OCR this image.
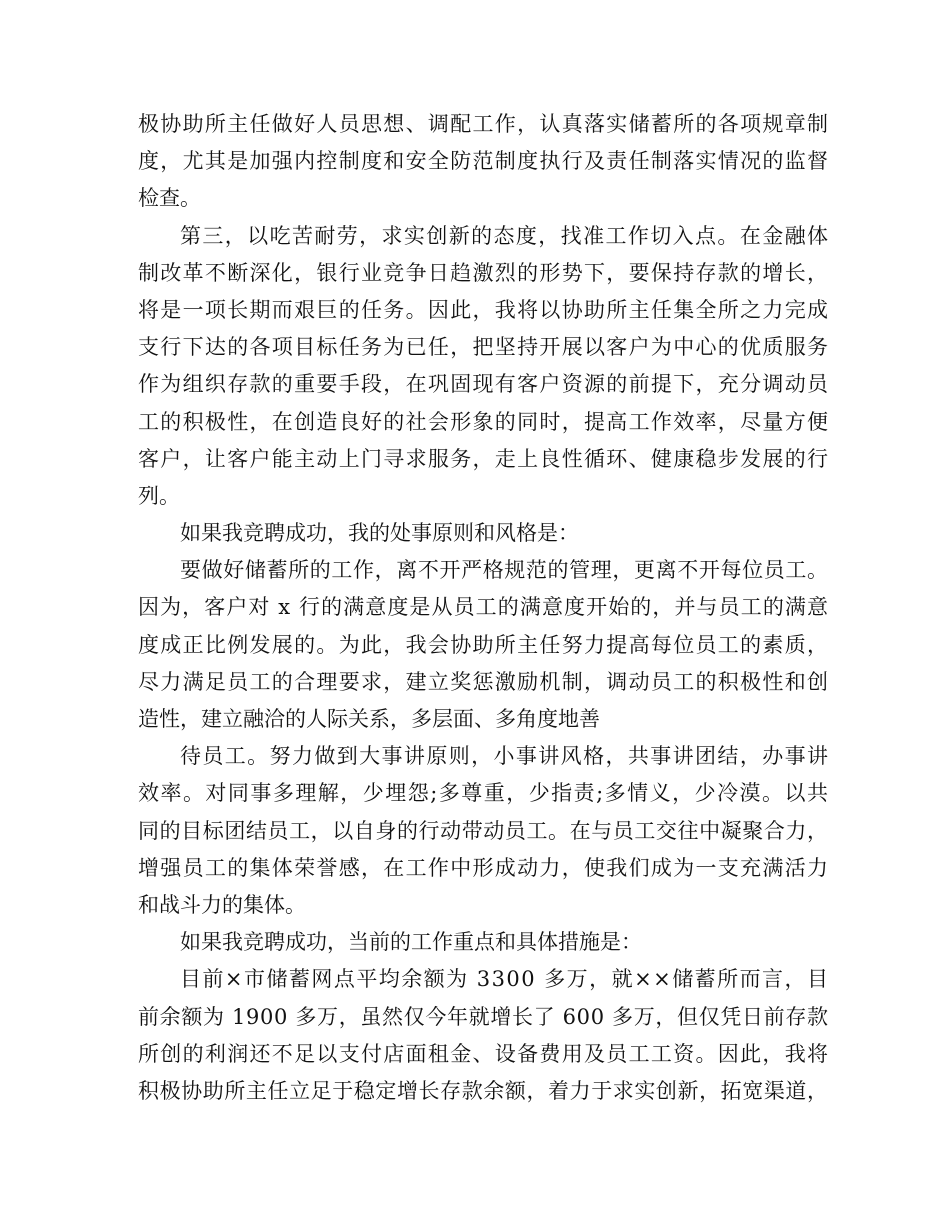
极协助所主任做好人员思想、调配工作，认真落实储蓄所的各项规章制
度，尤其是加强内控制度和安全防范制度执行及责任制落实情况的监督
检查。
第三，以吃苦耐劳，求实创新的态度，找准工作切入点。在金融体
制改革不断深化，银行业竞争日趋激烈的形势下，要保持存款的增长，
将是一项长期而艰巨的任务。因此，我将以协助所主任集全所之力完成
支行下达的各项目标任务为已任，把坚持开展以客户为中心的优质服务
作为组织存款的重要手段，在巩固现有客户资源的前提下，充分调动员
工的积极性，在创造良好的社会形象的同时，提高工作效率，尽量方便
客户，让客户能主动上门寻求服务，走上良性循环、健康稳步发展的行
列。
如果我竞聘成功，我的处事原则和风格是：
要做好储蓄所的工作，离不开严格规范的管理，更离不开每位员工。
因为，客户对 x 行的满意度是从员工的满意度开始的，并与员工的满意
度成正比例发展的。为此，我会协助所主任努力提高每位员工的素质，
尽力满足员工的合理要求，建立奖惩激励机制，调动员工的积极性和创
造性，建立融洽的人际关系，多层面、多角度地善
待员工。努力做到大事讲原则，小事讲风格，共事讲团结，办事讲
效率。对同事多理解，少埋怨;多尊重，少指责;多情义，少冷漠。以共
同的目标团结员工，以自身的行动带动员工。在与员工交往中凝聚合力，
增强员工的集体荣誉感，在工作中形成动力，使我们成为一支充满活力
和战斗力的集体。
如果我竞聘成功，当前的工作重点和具体措施是：
目前×市储蓄网点平均余额为 3300 多万，就××储蓄所而言，目
前余额为 1900 多万，虽然仅今年就增长了 600 多万，但仅凭日前存款
所创的利润还不足以支付店面租金、设备费用及员工工资。因此，我将
积极协助所主任立足于稳定增长存款余额，着力于求实创新，拓宽渠道，
